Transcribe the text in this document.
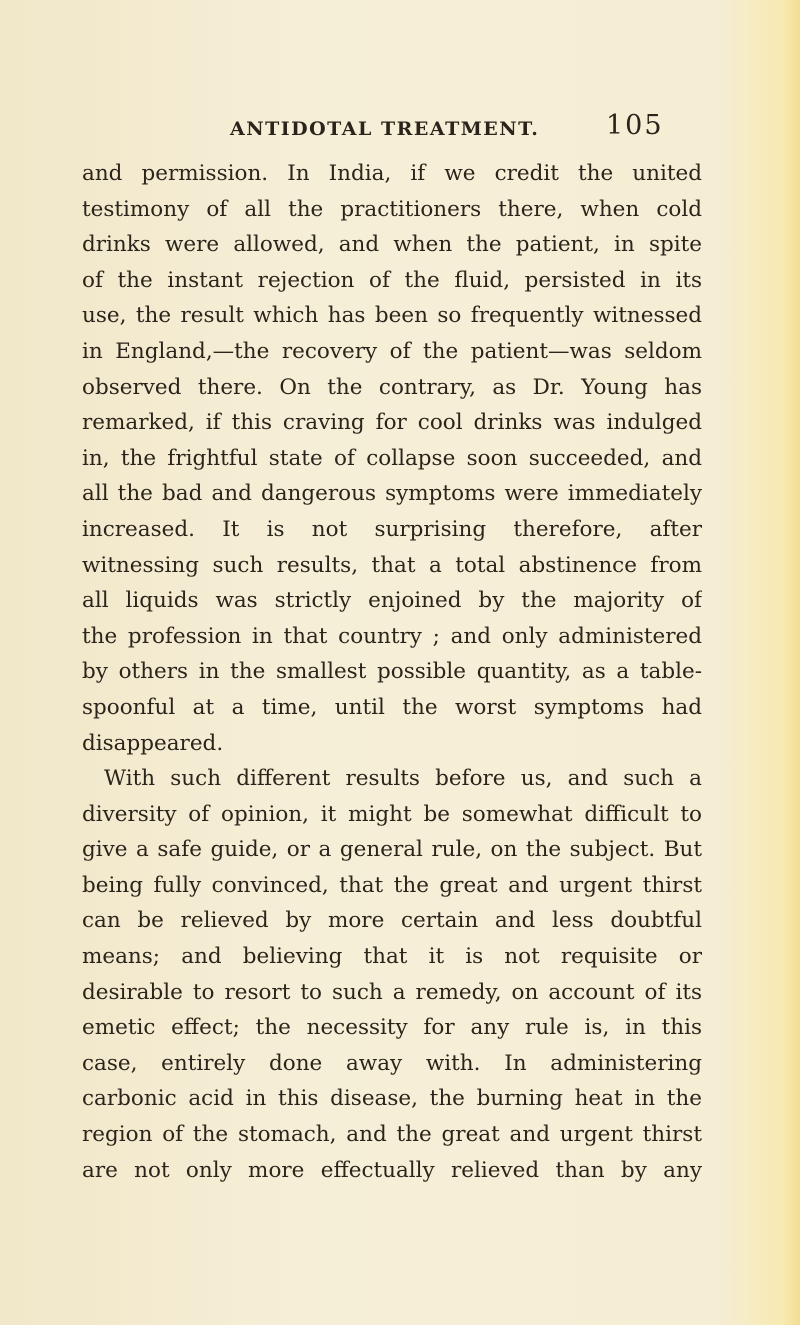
ANTIDOTAL TREATMENT. 105
and permission. In India, if we credit the united
testimony of all the practitioners there, when cold
drinks were allowed, and when the patient, in spite
of the instant rejection of the fluid, persisted in its
use, the result which has been so frequently witnessed
in England,—the recovery of the patient—was seldom
observed there. On the contrary, as Dr. Young has
remarked, if this craving for cool drinks was indulged
in, the frightful state of collapse soon succeeded, and
all the bad and dangerous symptoms were immediately
increased. It is not surprising therefore, after
witnessing such results, that a total abstinence from
all liquids was strictly enjoined by the majority of
the profession in that country ; and only administered
by others in the smallest possible quantity, as a table-
spoonful at a time, until the worst symptoms had
disappeared.
With such different results before us, and such a
diversity of opinion, it might be somewhat difficult to
give a safe guide, or a general rule, on the subject. But
being fully convinced, that the great and urgent thirst
can be relieved by more certain and less doubtful
means; and believing that it is not requisite or
desirable to resort to such a remedy, on account of its
emetic effect; the necessity for any rule is, in this
case, entirely done away with. In administering
carbonic acid in this disease, the burning heat in the
region of the stomach, and the great and urgent thirst
are not only more effectually relieved than by any
